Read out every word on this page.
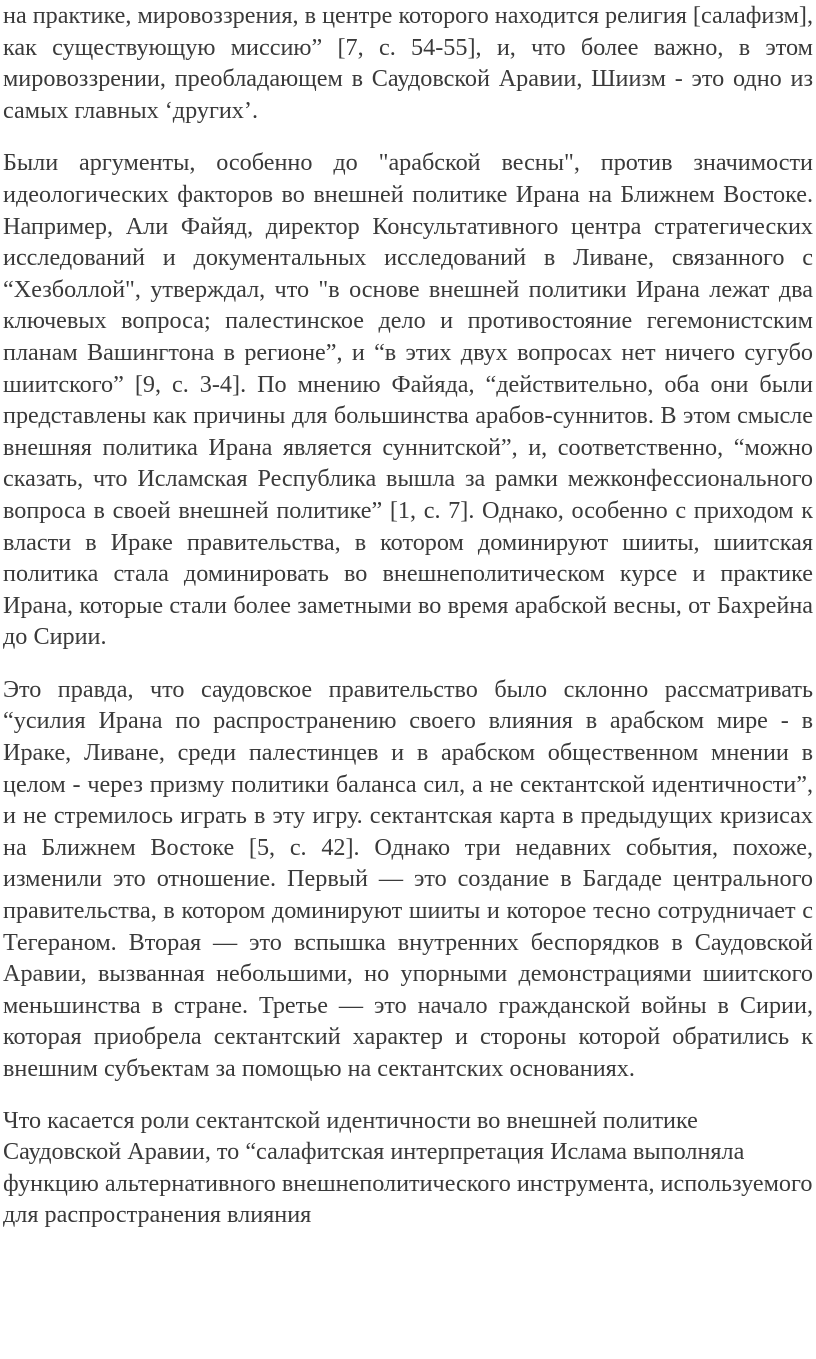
на практике, мировоззрения, в центре которого находится религия [салафизм], как существующую миссию” [7, с. 54-55], и, что более важно, в этом мировоззрении, преобладающем в Саудовской Аравии, Шиизм - это одно из самых главных ‘других’.

Были аргументы, особенно до "арабской весны", против значимости идеологических факторов во внешней политике Ирана на Ближнем Востоке. Например, Али Файяд, директор Консультативного центра стратегических исследований и документальных исследований в Ливане, связанного с “Хезболлой", утверждал, что "в основе внешней политики Ирана лежат два ключевых вопроса; палестинское дело и противостояние гегемонистским планам Вашингтона в регионе”, и “в этих двух вопросах нет ничего сугубо шиитского” [9, с. 3-4]. По мнению Файяда, “действительно, оба они были представлены как причины для большинства арабов-суннитов. В этом смысле внешняя политика Ирана является суннитской”, и, соответственно, “можно сказать, что Исламская Республика вышла за рамки межконфессионального вопроса в своей внешней политике” [1, с. 7]. Однако, особенно с приходом к власти в Ираке правительства, в котором доминируют шииты, шиитская политика стала доминировать во внешнеполитическом курсе и практике Ирана, которые стали более заметными во время арабской весны, от Бахрейна до Сирии.

Это правда, что саудовское правительство было склонно рассматривать “усилия Ирана по распространению своего влияния в арабском мире - в Ираке, Ливане, среди палестинцев и в арабском общественном мнении в целом - через призму политики баланса сил, а не сектантской идентичности”, и не стремилось играть в эту игру. сектантская карта в предыдущих кризисах на Ближнем Востоке [5, с. 42]. Однако три недавних события, похоже, изменили это отношение. Первый — это создание в Багдаде центрального правительства, в котором доминируют шииты и которое тесно сотрудничает с Тегераном. Вторая — это вспышка внутренних беспорядков в Саудовской Аравии, вызванная небольшими, но упорными демонстрациями шиитского меньшинства в стране. Третье — это начало гражданской войны в Сирии, которая приобрела сектантский характер и стороны которой обратились к внешним субъектам за помощью на сектантских основаниях.

Что касается роли сектантской идентичности во внешней политике Саудовской Аравии, то “салафитская интерпретация Ислама выполняла функцию альтернативного внешнеполитического инструмента, используемого для распространения влияния
